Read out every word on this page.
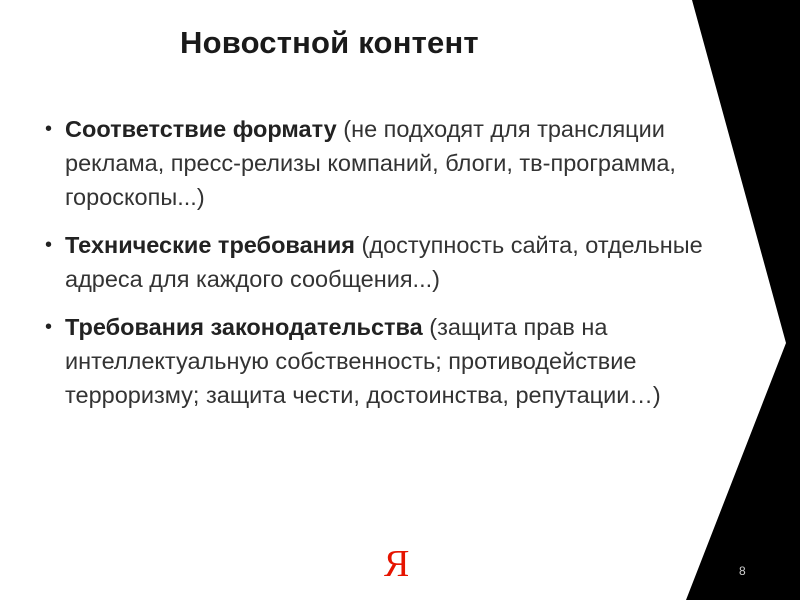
Новостной контент
• Соответствие формату (не подходят для трансляции реклама, пресс-релизы компаний, блоги, тв-программа, гороскопы...)
• Технические требования (доступность сайта, отдельные адреса для каждого сообщения...)
• Требования законодательства (защита прав на интеллектуальную собственность; противодействие терроризму; защита чести, достоинства, репутации…)
Я	8
